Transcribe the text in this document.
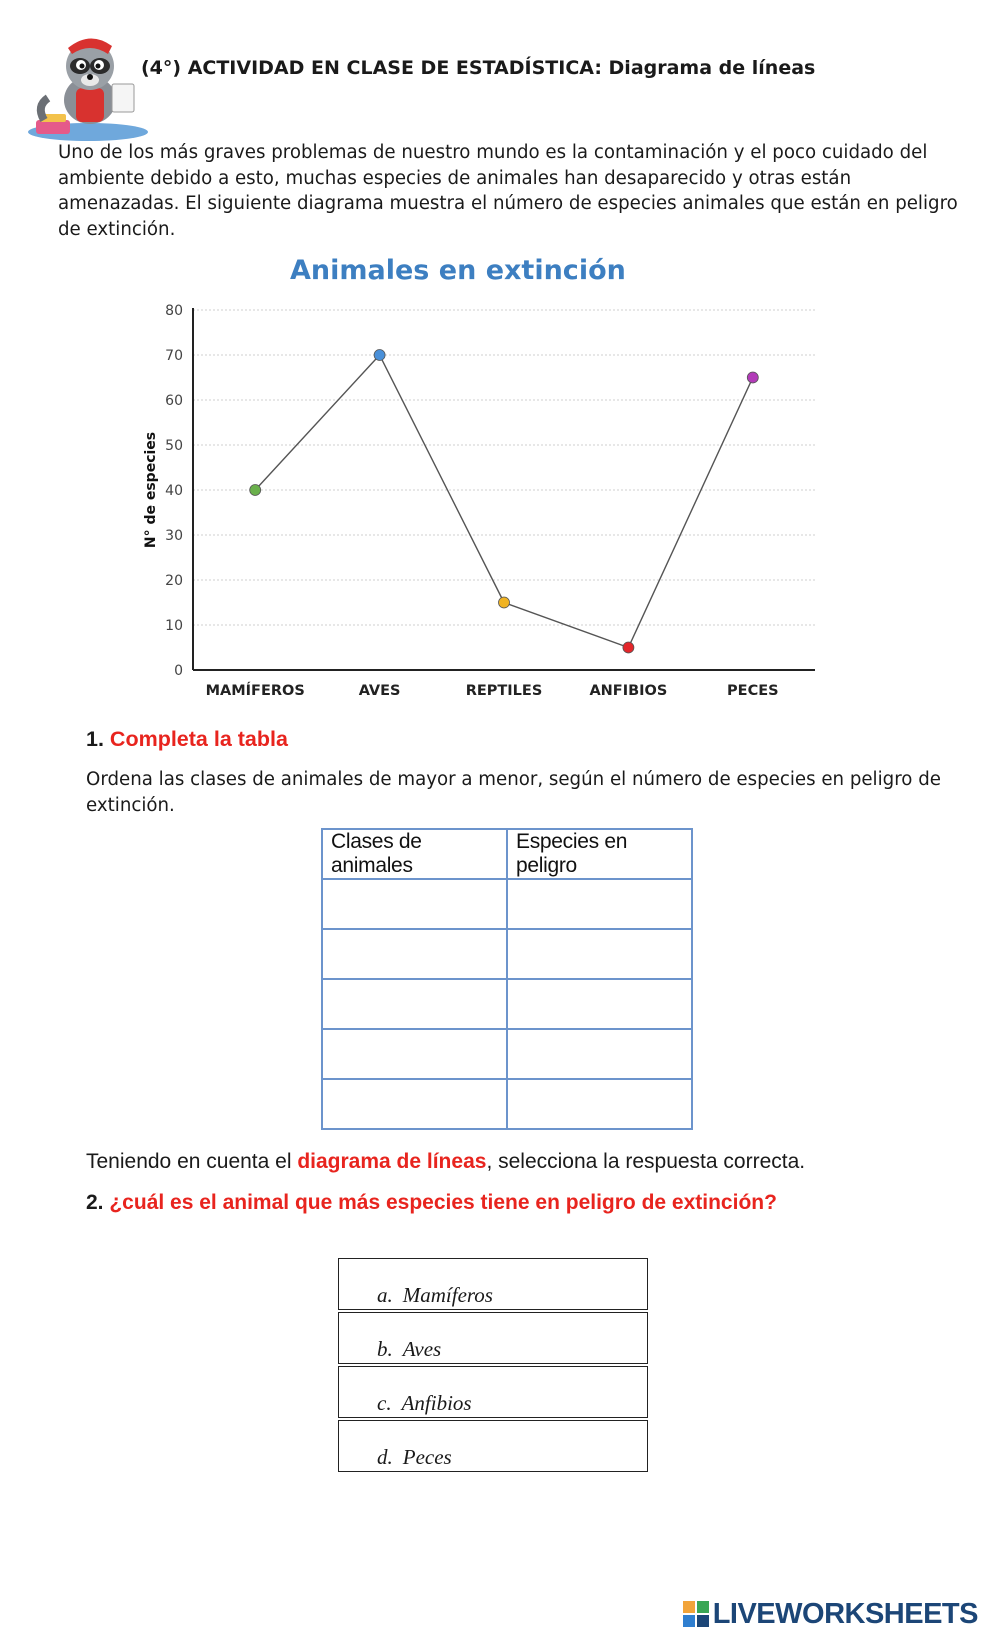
(4°) ACTIVIDAD EN CLASE DE ESTADÍSTICA: Diagrama de líneas

Uno de los más graves problemas de nuestro mundo es la contaminación y el poco cuidado del ambiente debido a esto, muchas especies de animales han desaparecido y otras están amenazadas. El siguiente diagrama muestra el número de especies animales que están en peligro de extinción.

Animales en extinción
0
10
20
30
40
50
60
70
80
N° de especies
MAMÍFEROS	AVES	REPTILES	ANFIBIOS	PECES

1. Completa la tabla

Ordena las clases de animales de mayor a menor, según el número de especies en peligro de extinción.

Clases de animales	Especies en peligro

Teniendo en cuenta el diagrama de líneas, selecciona la respuesta correcta.

2. ¿cuál es el animal que más especies tiene en peligro de extinción?

a. Mamíferos
b. Aves
c. Anfibios
d. Peces
LIVEWORKSHEETS
